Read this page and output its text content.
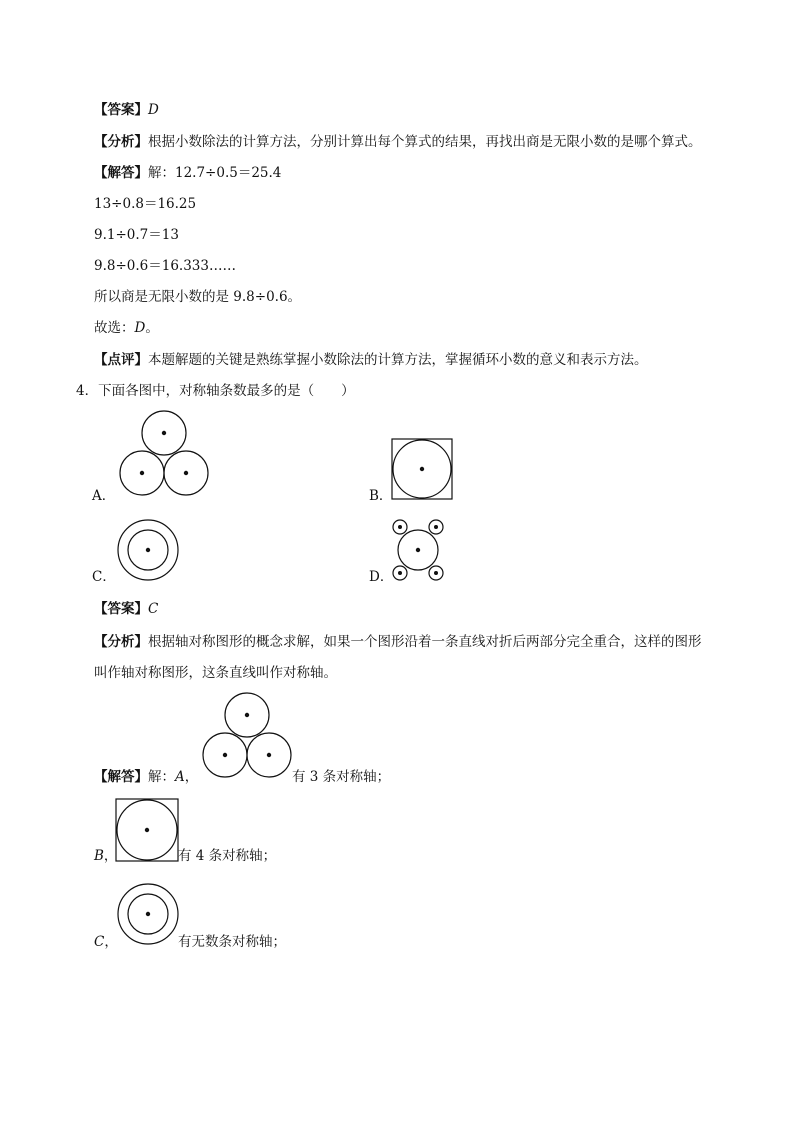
【答案】D
【分析】根据小数除法的计算方法，分别计算出每个算式的结果，再找出商是无限小数的是哪个算式。
【解答】解：12.7÷0.5＝25.4
13÷0.8＝16.25
9.1÷0.7＝13
9.8÷0.6＝16.333……
所以商是无限小数的是 9.8÷0.6。
故选：D。
【点评】本题解题的关键是熟练掌握小数除法的计算方法，掌握循环小数的意义和表示方法。
4．下面各图中，对称轴条数最多的是（　　）
A．	B．
C．	D．
【答案】C
【分析】根据轴对称图形的概念求解，如果一个图形沿着一条直线对折后两部分完全重合，这样的图形
叫作轴对称图形，这条直线叫作对称轴。
【解答】解：A，	有 3 条对称轴；
B，	有 4 条对称轴；
C，	有无数条对称轴；
